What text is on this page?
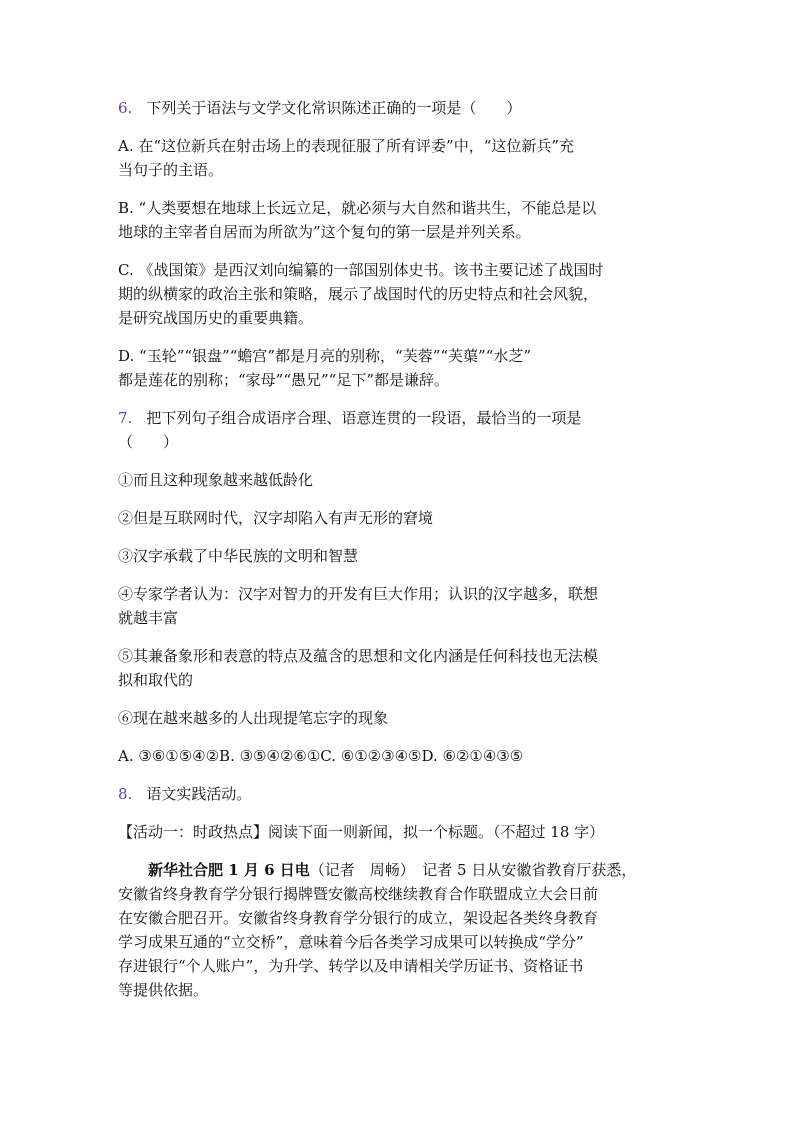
6. 下列关于语法与文学文化常识陈述正确的一项是（　　）

A. 在“这位新兵在射击场上的表现征服了所有评委”中，“这位新兵”充

当句子的主语。

B. “人类要想在地球上长远立足，就必须与大自然和谐共生，不能总是以

地球的主宰者自居而为所欲为”这个复句的第一层是并列关系。

C. 《战国策》是西汉刘向编纂的一部国别体史书。该书主要记述了战国时

期的纵横家的政治主张和策略，展示了战国时代的历史特点和社会风貌，

是研究战国历史的重要典籍。

D. “玉轮”“银盘”“蟾宫”都是月亮的别称，“芙蓉”“芙蕖”“水芝”

都是莲花的别称；“家母”“愚兄”“足下”都是谦辞。

7. 把下列句子组合成语序合理、语意连贯的一段语，最恰当的一项是

（　　）

①而且这种现象越来越低龄化

②但是互联网时代，汉字却陷入有声无形的窘境

③汉字承载了中华民族的文明和智慧

④专家学者认为：汉字对智力的开发有巨大作用；认识的汉字越多，联想

就越丰富

⑤其兼备象形和表意的特点及蕴含的思想和文化内涵是任何科技也无法模

拟和取代的

⑥现在越来越多的人出现提笔忘字的现象

A. ③⑥①⑤④②B. ③⑤④②⑥①C. ⑥①②③④⑤D. ⑥②①④③⑤

8. 语文实践活动。

【活动一：时政热点】阅读下面一则新闻，拟一个标题。（不超过 18 字）

新华社合肥 1 月 6 日电（记者　周畅）　记者 5 日从安徽省教育厅获悉，

安徽省终身教育学分银行揭牌暨安徽高校继续教育合作联盟成立大会日前

在安徽合肥召开。安徽省终身教育学分银行的成立，架设起各类终身教育

学习成果互通的“立交桥”，意味着今后各类学习成果可以转换成“学分”

存进银行“个人账户”，为升学、转学以及申请相关学历证书、资格证书

等提供依据。
